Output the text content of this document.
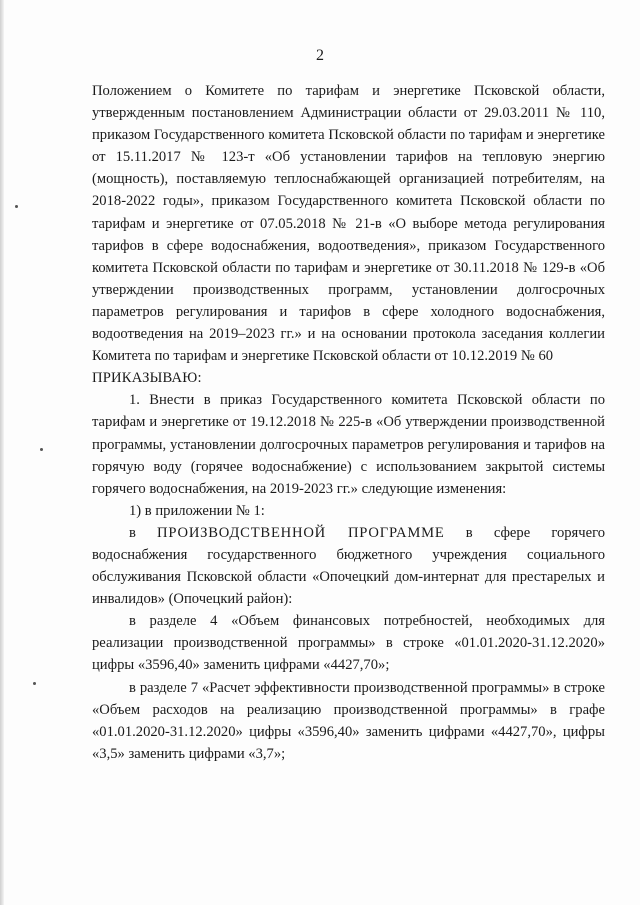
2

Положением о Комитете по тарифам и энергетике Псковской области, утвержденным постановлением Администрации области от 29.03.2011 № 110, приказом Государственного комитета Псковской области по тарифам и энергетике от 15.11.2017 № 123-т «Об установлении тарифов на тепловую энергию (мощность), поставляемую теплоснабжающей организацией потребителям, на 2018-2022 годы», приказом Государственного комитета Псковской области по тарифам и энергетике от 07.05.2018 № 21-в «О выборе метода регулирования тарифов в сфере водоснабжения, водоотведения», приказом Государственного комитета Псковской области по тарифам и энергетике от 30.11.2018 № 129-в «Об утверждении производственных программ, установлении долгосрочных параметров регулирования и тарифов в сфере холодного водоснабжения, водоотведения на 2019–2023 гг.» и на основании протокола заседания коллегии Комитета по тарифам и энергетике Псковской области от 10.12.2019 № 60

ПРИКАЗЫВАЮ:

1. Внести в приказ Государственного комитета Псковской области по тарифам и энергетике от 19.12.2018 № 225-в «Об утверждении производственной программы, установлении долгосрочных параметров регулирования и тарифов на горячую воду (горячее водоснабжение) с использованием закрытой системы горячего водоснабжения, на 2019-2023 гг.» следующие изменения:

1) в приложении № 1:

в ПРОИЗВОДСТВЕННОЙ ПРОГРАММЕ в сфере горячего водоснабжения государственного бюджетного учреждения социального обслуживания Псковской области «Опочецкий дом-интернат для престарелых и инвалидов» (Опочецкий район):

в разделе 4 «Объем финансовых потребностей, необходимых для реализации производственной программы» в строке «01.01.2020-31.12.2020» цифры «3596,40» заменить цифрами «4427,70»;

в разделе 7 «Расчет эффективности производственной программы» в строке «Объем расходов на реализацию производственной программы» в графе «01.01.2020-31.12.2020» цифры «3596,40» заменить цифрами «4427,70», цифры «3,5» заменить цифрами «3,7»;
